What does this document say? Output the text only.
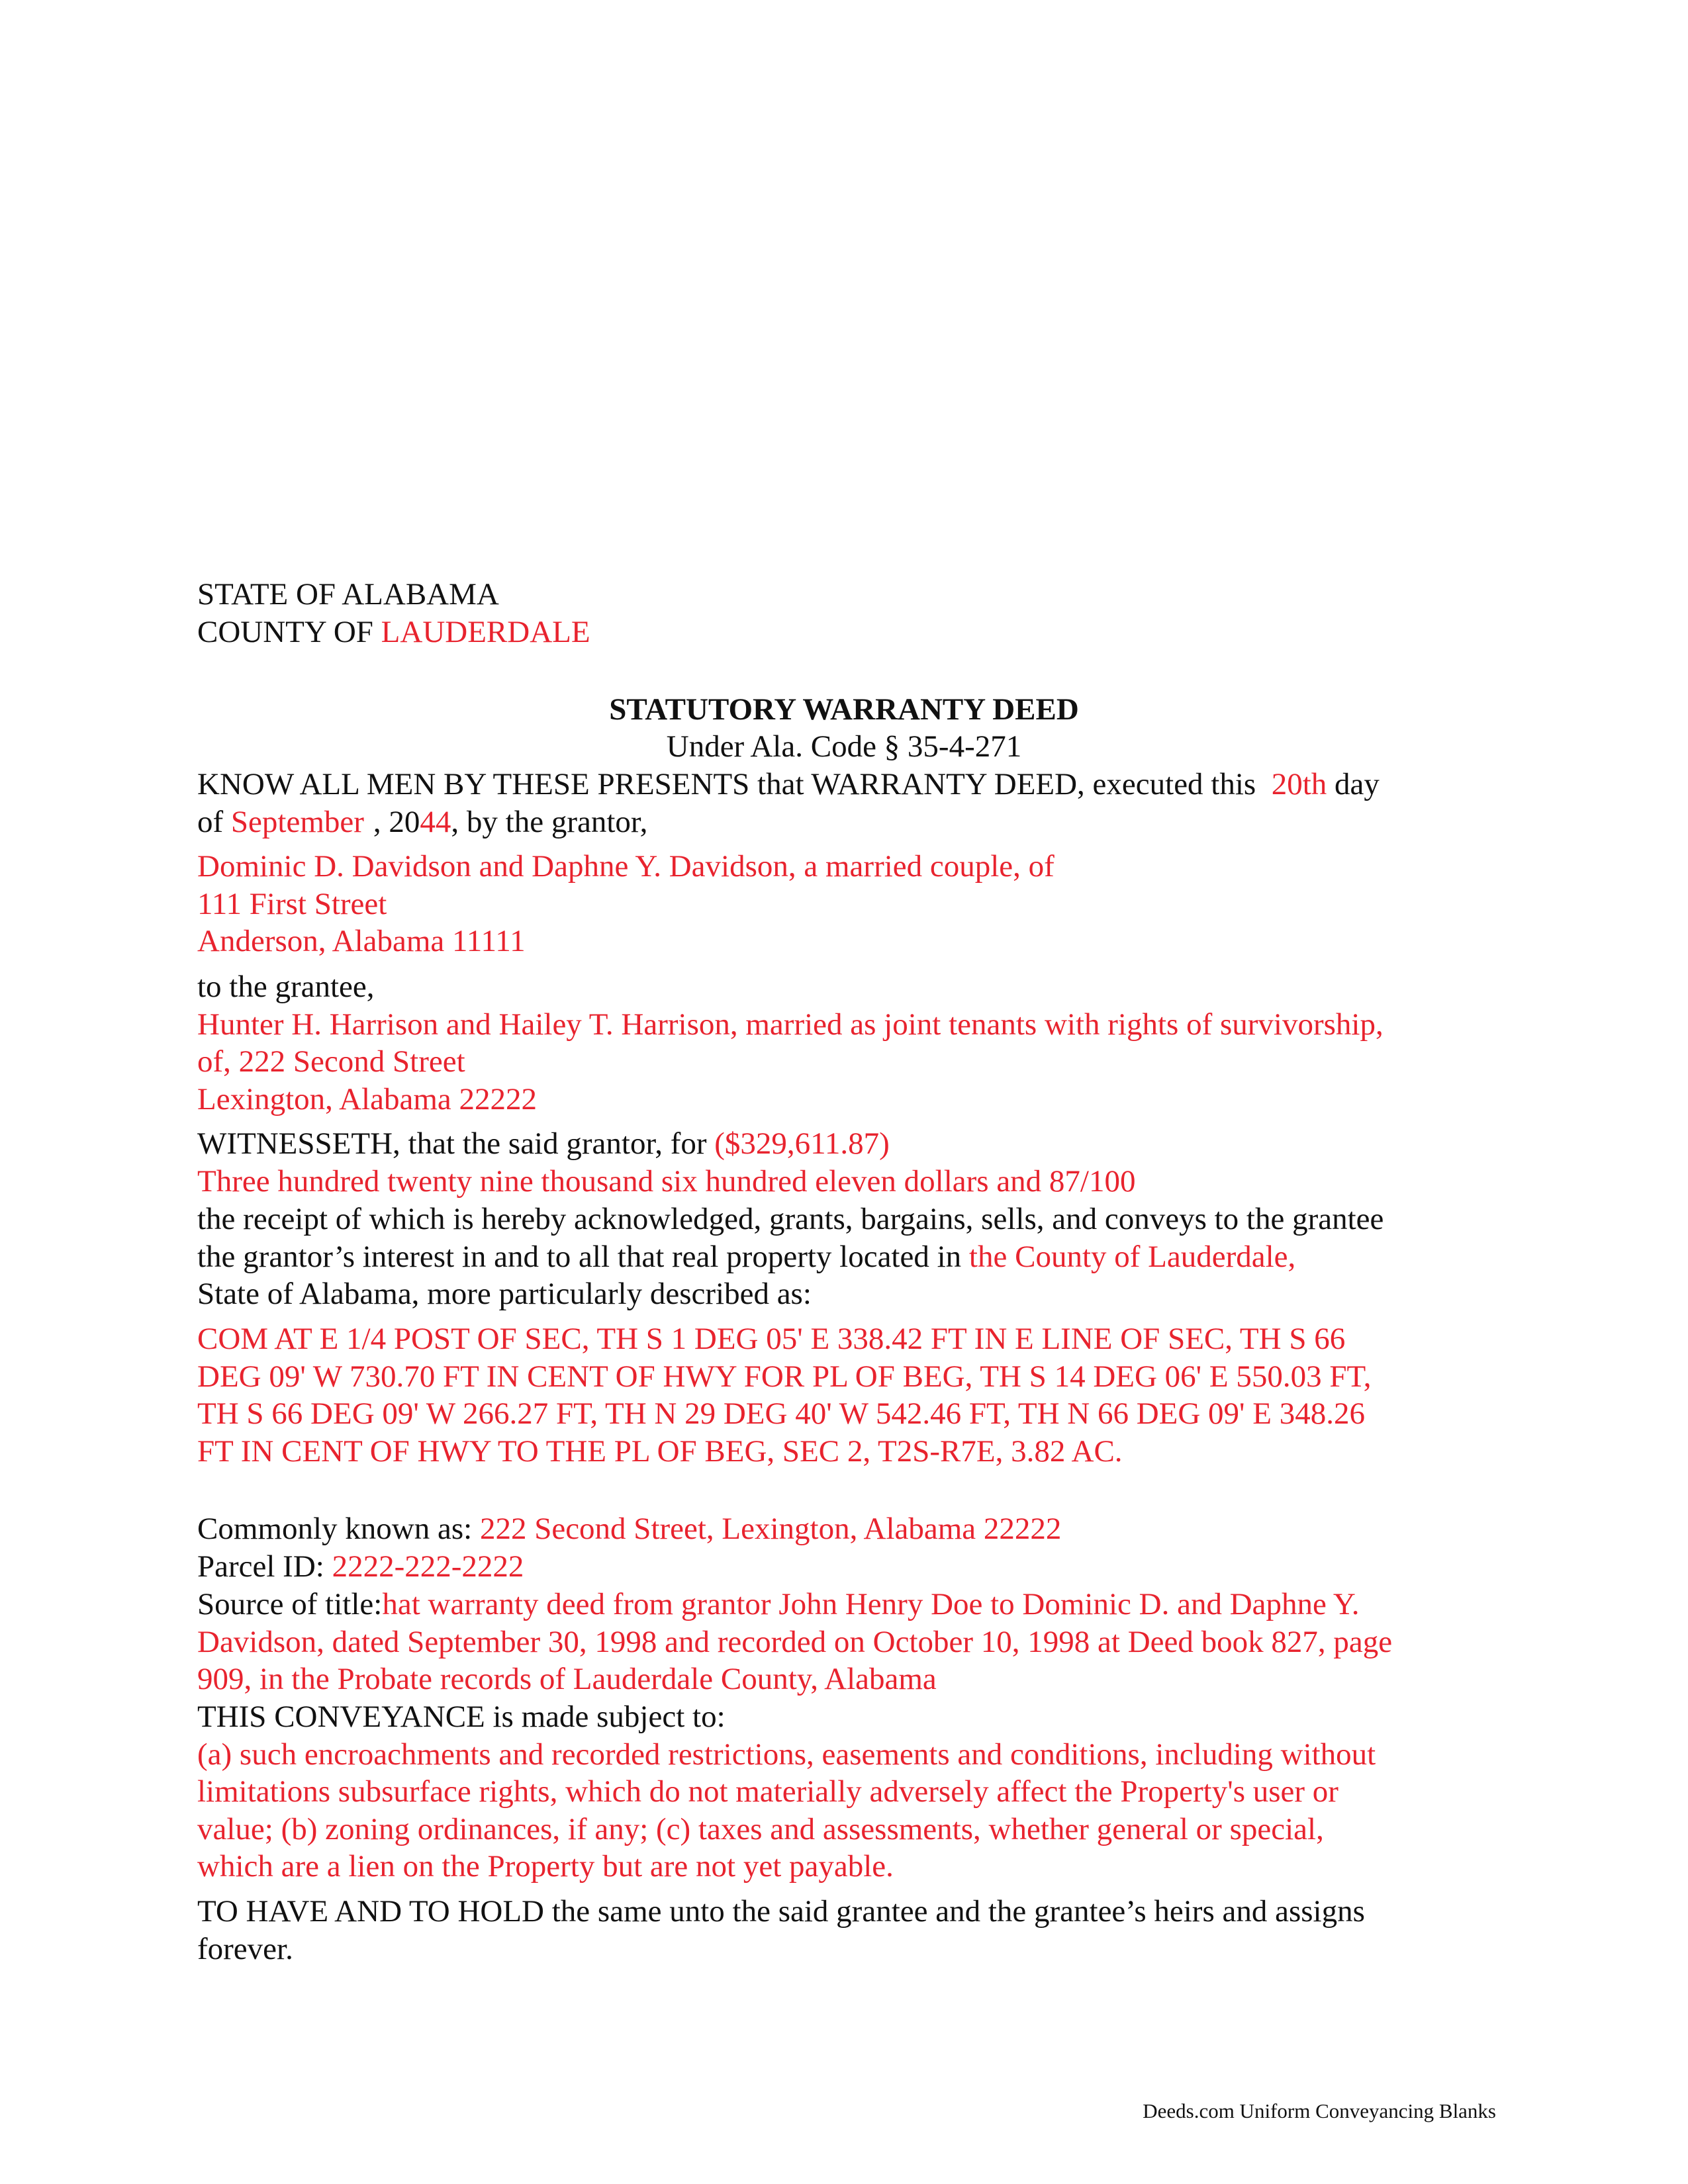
STATE OF ALABAMA
COUNTY OF LAUDERDALE
STATUTORY WARRANTY DEED
Under Ala. Code § 35-4-271
KNOW ALL MEN BY THESE PRESENTS that WARRANTY DEED, executed this 20th day
of September , 2044, by the grantor,
Dominic D. Davidson and Daphne Y. Davidson, a married couple, of
111 First Street
Anderson, Alabama 11111
to the grantee,
Hunter H. Harrison and Hailey T. Harrison, married as joint tenants with rights of survivorship,
of, 222 Second Street
Lexington, Alabama 22222
WITNESSETH, that the said grantor, for ($329,611.87)
Three hundred twenty nine thousand six hundred eleven dollars and 87/100
the receipt of which is hereby acknowledged, grants, bargains, sells, and conveys to the grantee
the grantor’s interest in and to all that real property located in the County of Lauderdale,
State of Alabama, more particularly described as:
COM AT E 1/4 POST OF SEC, TH S 1 DEG 05' E 338.42 FT IN E LINE OF SEC, TH S 66
DEG 09' W 730.70 FT IN CENT OF HWY FOR PL OF BEG, TH S 14 DEG 06' E 550.03 FT,
TH S 66 DEG 09' W 266.27 FT, TH N 29 DEG 40' W 542.46 FT, TH N 66 DEG 09' E 348.26
FT IN CENT OF HWY TO THE PL OF BEG, SEC 2, T2S-R7E, 3.82 AC.
Commonly known as: 222 Second Street, Lexington, Alabama 22222
Parcel ID: 2222-222-2222
Source of title:hat warranty deed from grantor John Henry Doe to Dominic D. and Daphne Y.
Davidson, dated September 30, 1998 and recorded on October 10, 1998 at Deed book 827, page
909, in the Probate records of Lauderdale County, Alabama
THIS CONVEYANCE is made subject to:
(a) such encroachments and recorded restrictions, easements and conditions, including without
limitations subsurface rights, which do not materially adversely affect the Property's user or
value; (b) zoning ordinances, if any; (c) taxes and assessments, whether general or special,
which are a lien on the Property but are not yet payable.
TO HAVE AND TO HOLD the same unto the said grantee and the grantee’s heirs and assigns
forever.
Deeds.com Uniform Conveyancing Blanks
